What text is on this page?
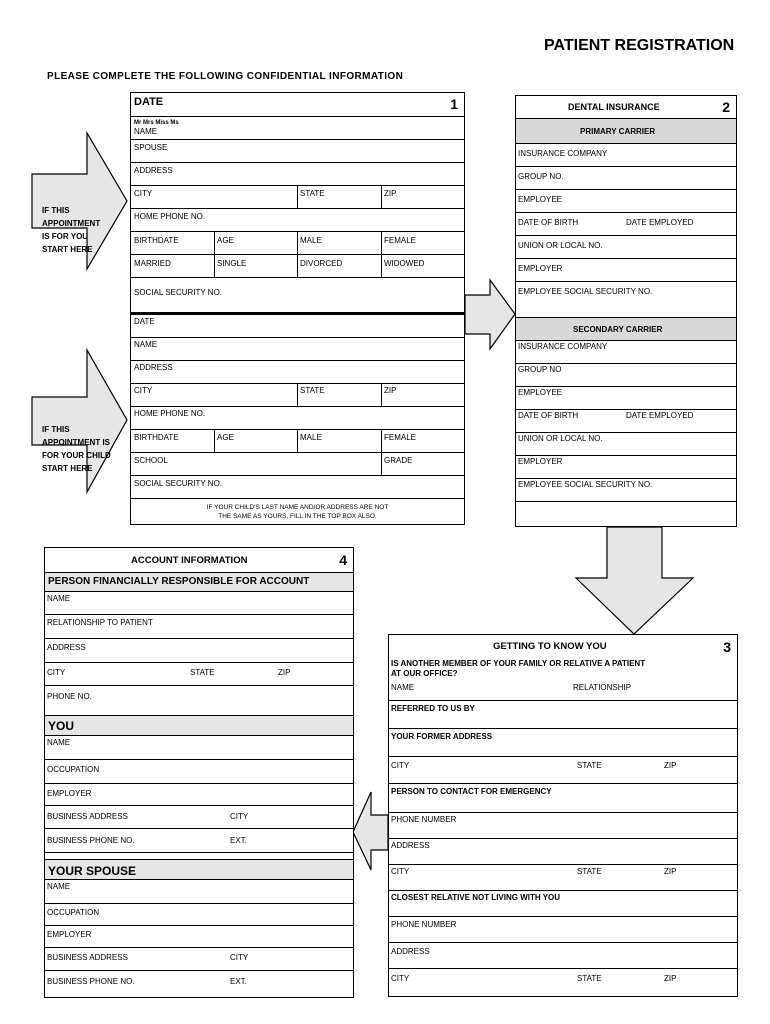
PATIENT REGISTRATION
PLEASE COMPLETE THE FOLLOWING CONFIDENTIAL INFORMATION

IF THIS
APPOINTMENT
IS FOR YOU
START HERE

IF THIS
APPOINTMENT IS
FOR YOUR CHILD
START HERE

DATE	1
Mr Mrs Miss Ms
NAME
SPOUSE
ADDRESS
CITY	STATE	ZIP
HOME PHONE NO.
BIRTHDATE	AGE	MALE	FEMALE
MARRIED	SINGLE	DIVORCED	WIDOWED
SOCIAL SECURITY NO.
DATE
NAME
ADDRESS
CITY	STATE	ZIP
HOME PHONE NO.
BIRTHDATE	AGE	MALE	FEMALE
SCHOOL	GRADE
SOCIAL SECURITY NO.
IF YOUR CHILD'S LAST NAME AND/OR ADDRESS ARE NOT
THE SAME AS YOURS, FILL IN THE TOP BOX ALSO.
DENTAL INSURANCE	2
PRIMARY CARRIER
INSURANCE COMPANY
GROUP NO.
EMPLOYEE
DATE OF BIRTH	DATE EMPLOYED
UNION OR LOCAL NO.
EMPLOYER
EMPLOYEE SOCIAL SECURITY NO.
SECONDARY CARRIER
INSURANCE COMPANY
GROUP NO
EMPLOYEE
DATE OF BIRTH	DATE EMPLOYED
UNION OR LOCAL NO.
EMPLOYER
EMPLOYEE SOCIAL SECURITY NO.
ACCOUNT INFORMATION	4
PERSON FINANCIALLY RESPONSIBLE FOR ACCOUNT
NAME
RELATIONSHIP TO PATIENT
ADDRESS
CITY	STATE	ZIP
PHONE NO.
YOU
NAME
OCCUPATION
EMPLOYER
BUSINESS ADDRESS	CITY
BUSINESS PHONE NO.	EXT.
YOUR SPOUSE
NAME
OCCUPATION
EMPLOYER
BUSINESS ADDRESS	CITY
BUSINESS PHONE NO.	EXT.
GETTING TO KNOW YOU	3
IS ANOTHER MEMBER OF YOUR FAMILY OR RELATIVE A PATIENT
AT OUR OFFICE?
NAME	RELATIONSHIP
REFERRED TO US BY
YOUR FORMER ADDRESS
CITY	STATE	ZIP
PERSON TO CONTACT FOR EMERGENCY
PHONE NUMBER
ADDRESS
CITY	STATE	ZIP
CLOSEST RELATIVE NOT LIVING WITH YOU
PHONE NUMBER
ADDRESS
CITY	STATE	ZIP
